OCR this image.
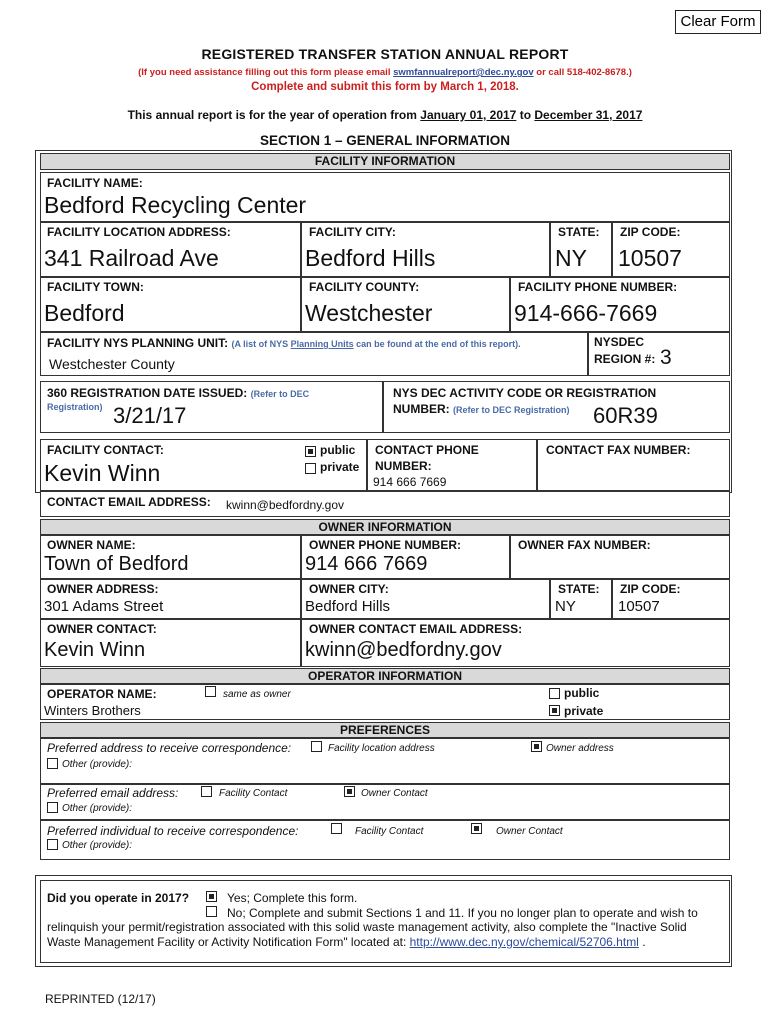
Clear Form
REGISTERED TRANSFER STATION ANNUAL REPORT
(If you need assistance filling out this form please email swmfannualreport@dec.ny.gov or call 518-402-8678.)
Complete and submit this form by March 1, 2018.
This annual report is for the year of operation from January 01, 2017 to December 31, 2017
SECTION 1 – GENERAL INFORMATION
FACILITY INFORMATION
FACILITY NAME:
Bedford Recycling Center
FACILITY LOCATION ADDRESS:	FACILITY CITY:	STATE: ZIP CODE:
341 Railroad Ave	Bedford Hills	NY 10507
FACILITY TOWN:	FACILITY COUNTY:	FACILITY PHONE NUMBER:
Bedford	Westchester	914-666-7669
FACILITY NYS PLANNING UNIT: (A list of NYS Planning Units can be found at the end of this report).
Westchester County
NYSDEC
REGION #: 3
360 REGISTRATION DATE ISSUED: (Refer to DEC
Registration) 3/21/17
NYS DEC ACTIVITY CODE OR REGISTRATION
NUMBER: (Refer to DEC Registration) 60R39
FACILITY CONTACT:
Kevin Winn
public
private
CONTACT PHONE
NUMBER:
914 666 7669
CONTACT FAX NUMBER:
CONTACT EMAIL ADDRESS: kwinn@bedfordny.gov
OWNER INFORMATION
OWNER NAME:	OWNER PHONE NUMBER:	OWNER FAX NUMBER:
Town of Bedford	914 666 7669
OWNER ADDRESS:	OWNER CITY:	STATE: ZIP CODE:
301 Adams Street	Bedford Hills	NY	10507
OWNER CONTACT:	OWNER CONTACT EMAIL ADDRESS:
Kevin Winn	kwinn@bedfordny.gov
OPERATOR INFORMATION
OPERATOR NAME:	same as owner
Winters Brothers
public
private
PREFERENCES
Preferred address to receive correspondence:	Facility location address	Owner address
Other (provide):
Preferred email address:	Facility Contact	Owner Contact
Other (provide):
Preferred individual to receive correspondence:	Facility Contact	Owner Contact
Other (provide):
Did you operate in 2017?	Yes; Complete this form.
No; Complete and submit Sections 1 and 11. If you no longer plan to operate and wish to
relinquish your permit/registration associated with this solid waste management activity, also complete the "Inactive Solid
Waste Management Facility or Activity Notification Form" located at: http://www.dec.ny.gov/chemical/52706.html .
REPRINTED (12/17)
